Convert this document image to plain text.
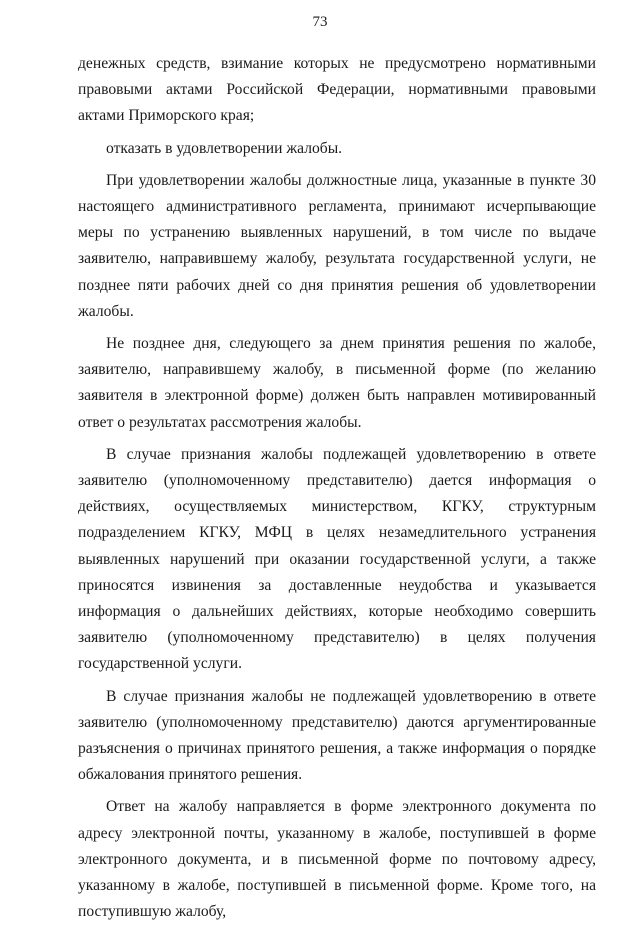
73

денежных средств, взимание которых не предусмотрено нормативными правовыми актами Российской Федерации, нормативными правовыми актами Приморского края;

отказать в удовлетворении жалобы.

При удовлетворении жалобы должностные лица, указанные в пункте 30 настоящего административного регламента, принимают исчерпывающие меры по устранению выявленных нарушений, в том числе по выдаче заявителю, направившему жалобу, результата государственной услуги, не позднее пяти рабочих дней со дня принятия решения об удовлетворении жалобы.

Не позднее дня, следующего за днем принятия решения по жалобе, заявителю, направившему жалобу, в письменной форме (по желанию заявителя в электронной форме) должен быть направлен мотивированный ответ о результатах рассмотрения жалобы.

В случае признания жалобы подлежащей удовлетворению в ответе заявителю (уполномоченному представителю) дается информация о действиях, осуществляемых министерством, КГКУ, структурным подразделением КГКУ, МФЦ в целях незамедлительного устранения выявленных нарушений при оказании государственной услуги, а также приносятся извинения за доставленные неудобства и указывается информация о дальнейших действиях, которые необходимо совершить заявителю (уполномоченному представителю) в целях получения государственной услуги.

В случае признания жалобы не подлежащей удовлетворению в ответе заявителю (уполномоченному представителю) даются аргументированные разъяснения о причинах принятого решения, а также информация о порядке обжалования принятого решения.

Ответ на жалобу направляется в форме электронного документа по адресу электронной почты, указанному в жалобе, поступившей в форме электронного документа, и в письменной форме по почтовому адресу, указанному в жалобе, поступившей в письменной форме. Кроме того, на поступившую жалобу,
